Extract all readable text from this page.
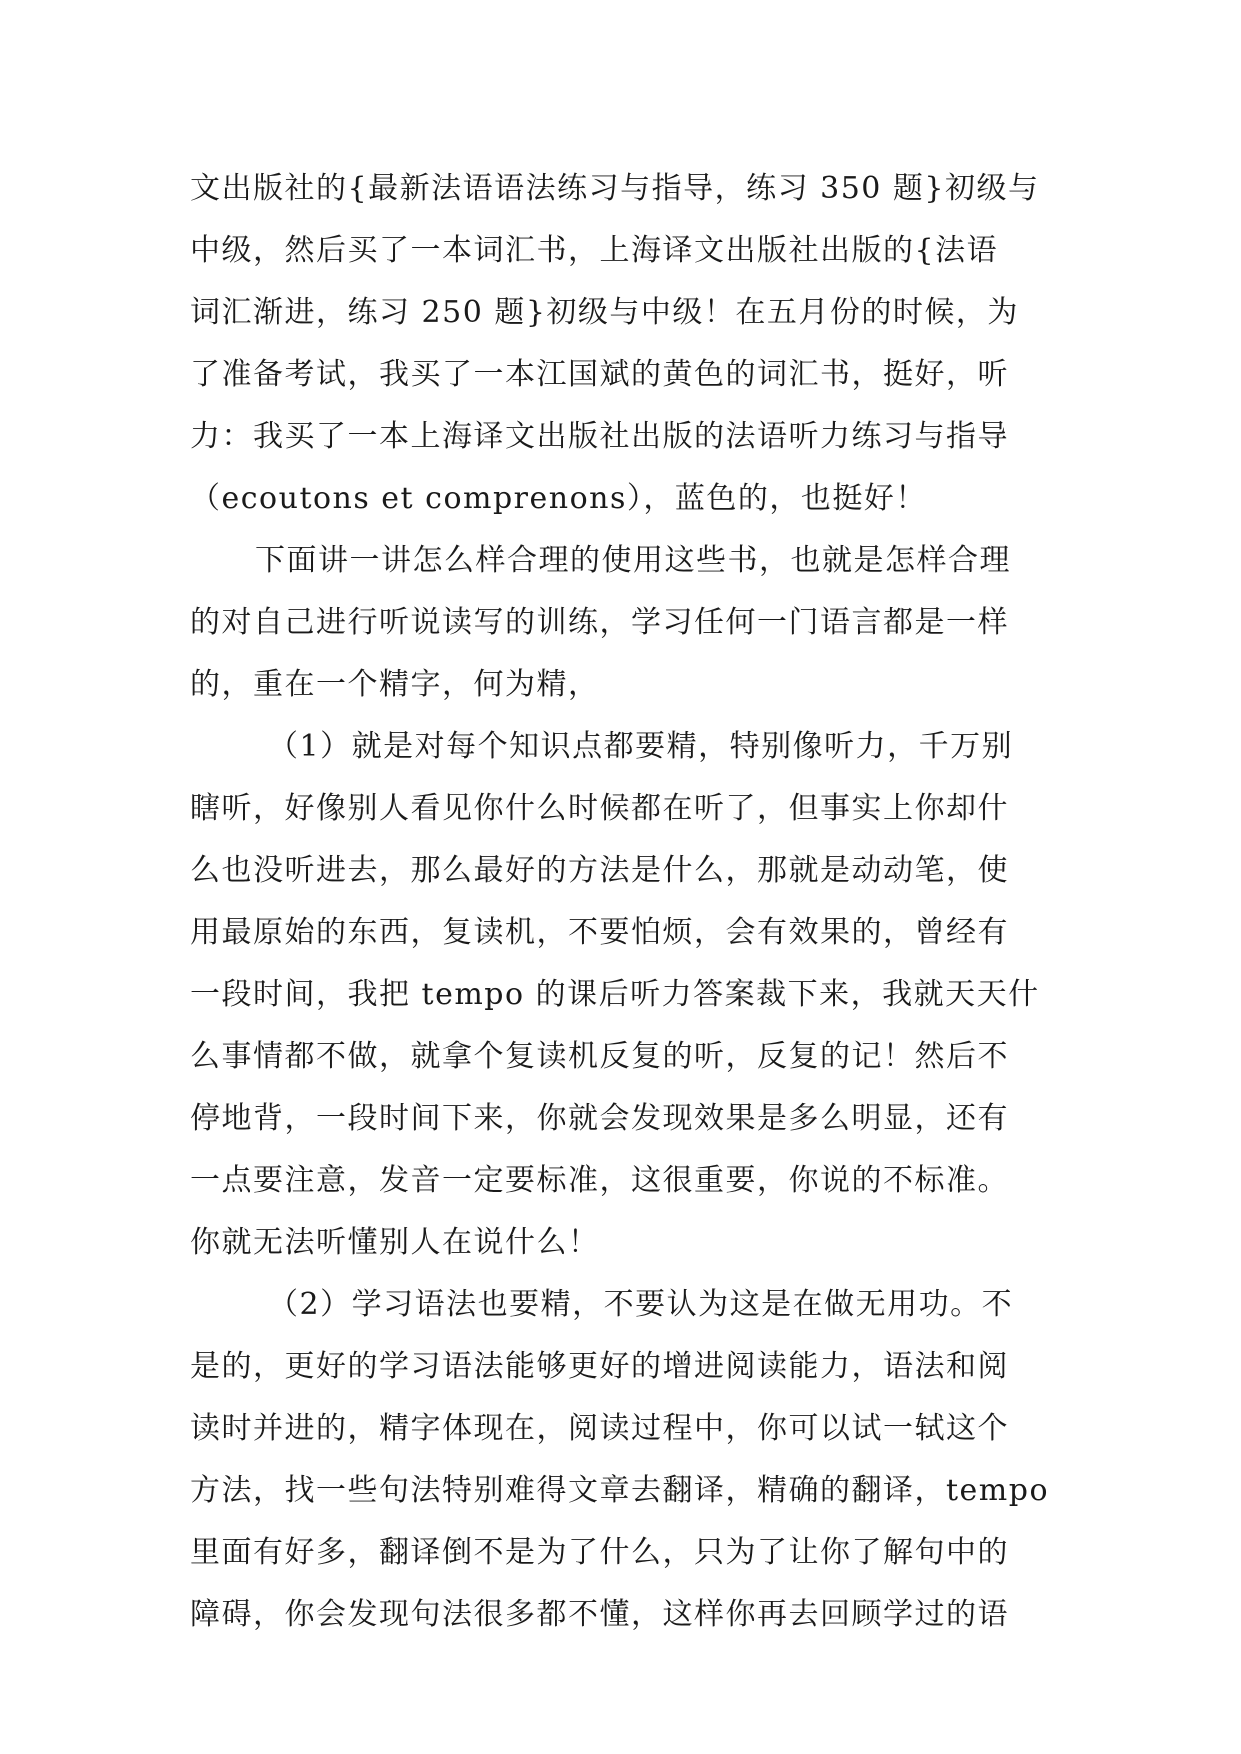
文出版社的{最新法语语法练习与指导，练习 350 题}初级与
中级，然后买了一本词汇书，上海译文出版社出版的{法语
词汇渐进，练习 250 题}初级与中级！在五月份的时候，为
了准备考试，我买了一本江国斌的黄色的词汇书，挺好，听
力：我买了一本上海译文出版社出版的法语听力练习与指导
（ecoutons et comprenons），蓝色的，也挺好！
下面讲一讲怎么样合理的使用这些书，也就是怎样合理
的对自己进行听说读写的训练，学习任何一门语言都是一样
的，重在一个精字，何为精，
（1）就是对每个知识点都要精，特别像听力，千万别
瞎听，好像别人看见你什么时候都在听了，但事实上你却什
么也没听进去，那么最好的方法是什么，那就是动动笔，使
用最原始的东西，复读机，不要怕烦，会有效果的，曾经有
一段时间，我把 tempo 的课后听力答案裁下来，我就天天什
么事情都不做，就拿个复读机反复的听，反复的记！然后不
停地背，一段时间下来，你就会发现效果是多么明显，还有
一点要注意，发音一定要标准，这很重要，你说的不标准。
你就无法听懂别人在说什么！
（2）学习语法也要精，不要认为这是在做无用功。不
是的，更好的学习语法能够更好的增进阅读能力，语法和阅
读时并进的，精字体现在，阅读过程中，你可以试一轼这个
方法，找一些句法特别难得文章去翻译，精确的翻译，tempo
里面有好多，翻译倒不是为了什么，只为了让你了解句中的
障碍，你会发现句法很多都不懂，这样你再去回顾学过的语
